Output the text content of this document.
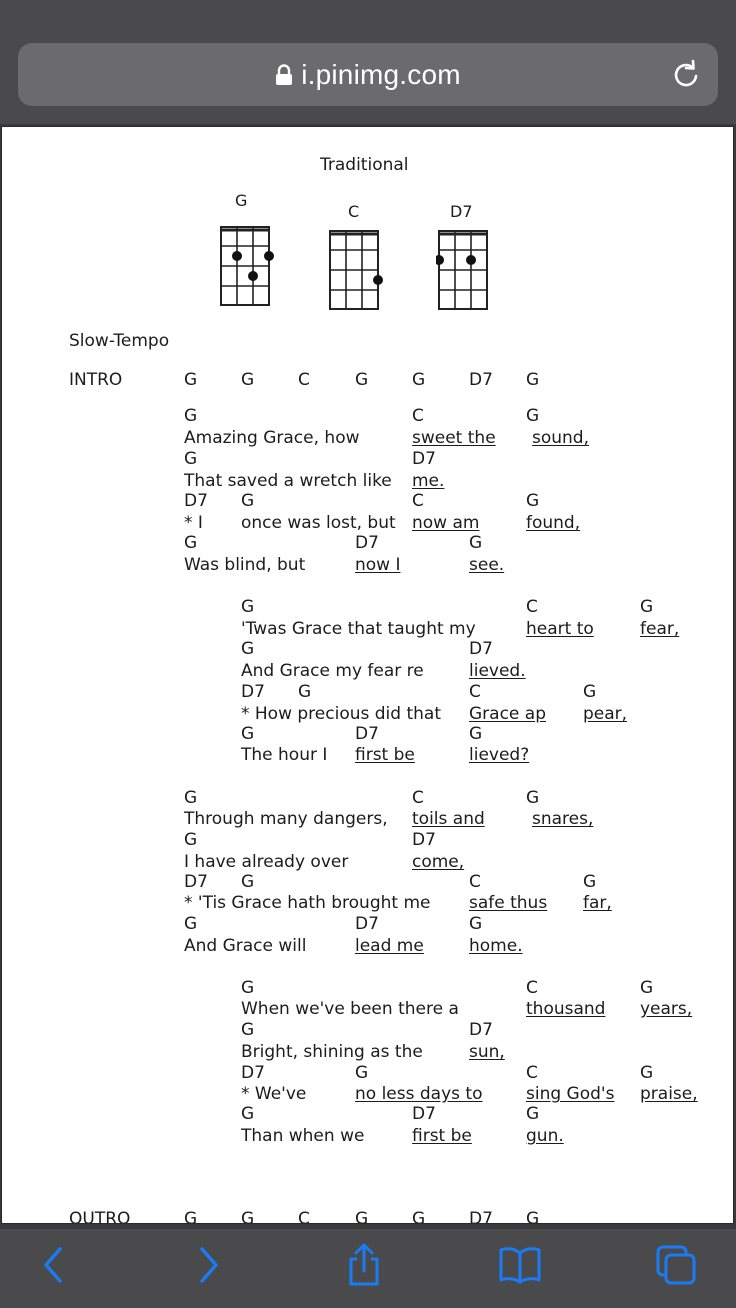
i.pinimg.com
Traditional
G
C	D7
Slow-Tempo
INTRO	G	G	C	G	G	D7 G
G	C	G
Amazing Grace, how	sweet the sound,
G	D7
That saved a wretch like me.
D7 G	C	G
* I once was lost, but now am	found,
G	D7	G
Was blind, but	now I	see.
G	C	G
'Twas Grace that taught my	heart to	fear,
G	D7
And Grace my fear re	lieved.
D7 G	C	G
* How precious did that Grace ap pear,
G	D7	G
The hour I first be	lieved?
G	C	G
Through many dangers, toils and	snares,
G	D7
I have already over	come,
D7 G	C	G
* 'Tis Grace hath brought me safe thus far,
G	D7	G
And Grace will	lead me	home.
G	C	G
When we've been there a	thousand years,
G	D7
Bright, shining as the	sun,
D7	G	C	G
* We've	no less days to	sing God's praise,
G	D7	G
Than when we	first be	gun.
OUTRO	G	G	C	G	G	D7 G
